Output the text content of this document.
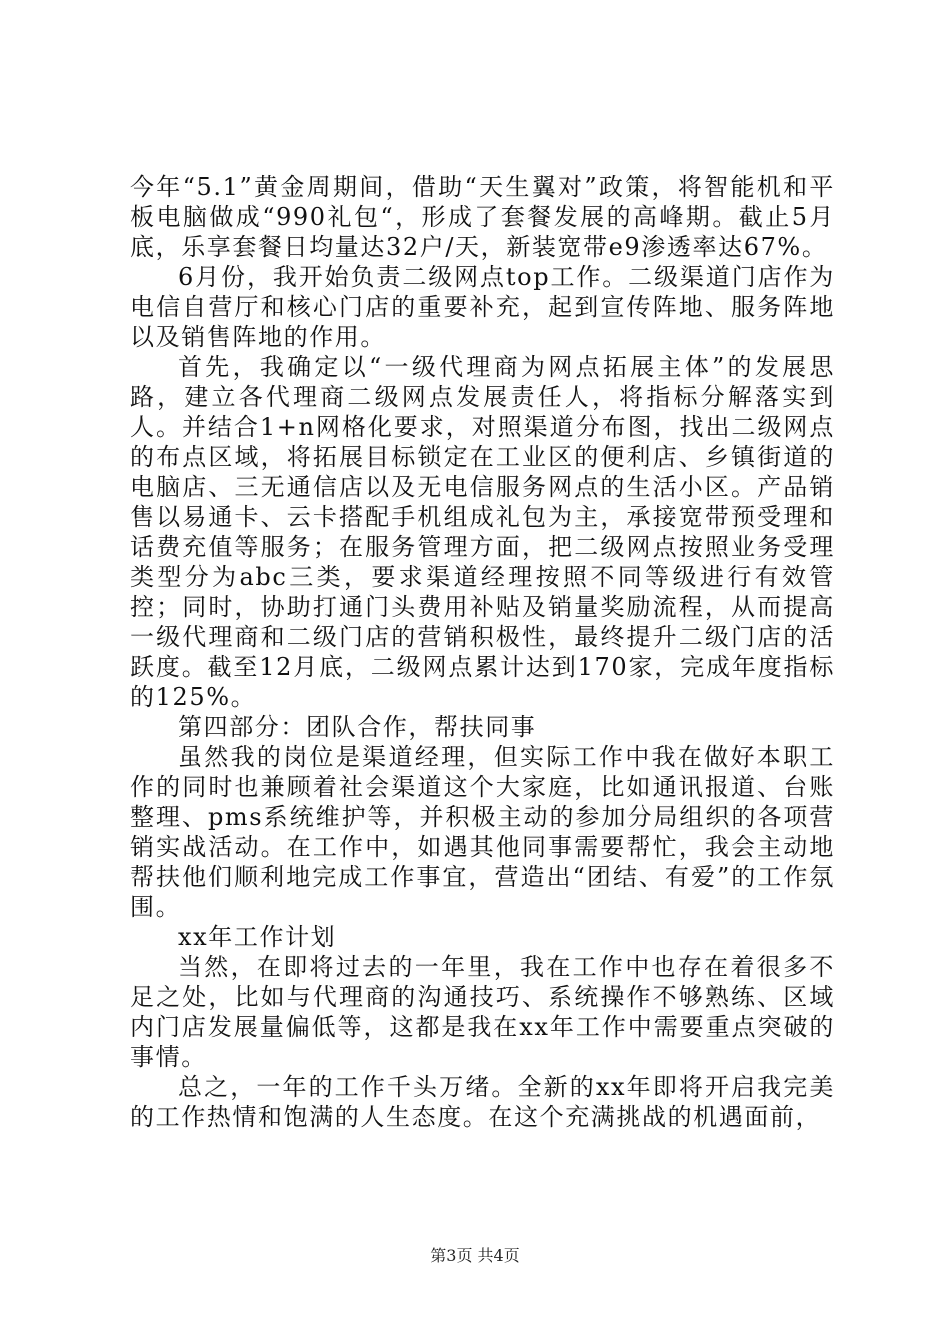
今年“5.1”黄金周期间，借助“天生翼对”政策，将智能机和平板电脑做成“990礼包“，形成了套餐发展的高峰期。截止5月底，乐享套餐日均量达32户/天，新装宽带e9渗透率达67%。

6月份，我开始负责二级网点top工作。二级渠道门店作为电信自营厅和核心门店的重要补充，起到宣传阵地、服务阵地以及销售阵地的作用。

首先，我确定以“一级代理商为网点拓展主体”的发展思路，建立各代理商二级网点发展责任人，将指标分解落实到人。并结合1+n网格化要求，对照渠道分布图，找出二级网点的布点区域，将拓展目标锁定在工业区的便利店、乡镇街道的电脑店、三无通信店以及无电信服务网点的生活小区。产品销售以易通卡、云卡搭配手机组成礼包为主，承接宽带预受理和话费充值等服务；在服务管理方面，把二级网点按照业务受理类型分为abc三类，要求渠道经理按照不同等级进行有效管控；同时，协助打通门头费用补贴及销量奖励流程，从而提高一级代理商和二级门店的营销积极性，最终提升二级门店的活跃度。截至12月底，二级网点累计达到170家，完成年度指标的125%。

第四部分：团队合作，帮扶同事

虽然我的岗位是渠道经理，但实际工作中我在做好本职工作的同时也兼顾着社会渠道这个大家庭，比如通讯报道、台账整理、pms系统维护等，并积极主动的参加分局组织的各项营销实战活动。在工作中，如遇其他同事需要帮忙，我会主动地帮扶他们顺利地完成工作事宜，营造出“团结、有爱”的工作氛围。

xx年工作计划

当然，在即将过去的一年里，我在工作中也存在着很多不足之处，比如与代理商的沟通技巧、系统操作不够熟练、区域内门店发展量偏低等，这都是我在xx年工作中需要重点突破的事情。

总之，一年的工作千头万绪。全新的xx年即将开启我完美的工作热情和饱满的人生态度。在这个充满挑战的机遇面前，

第3页 共4页
